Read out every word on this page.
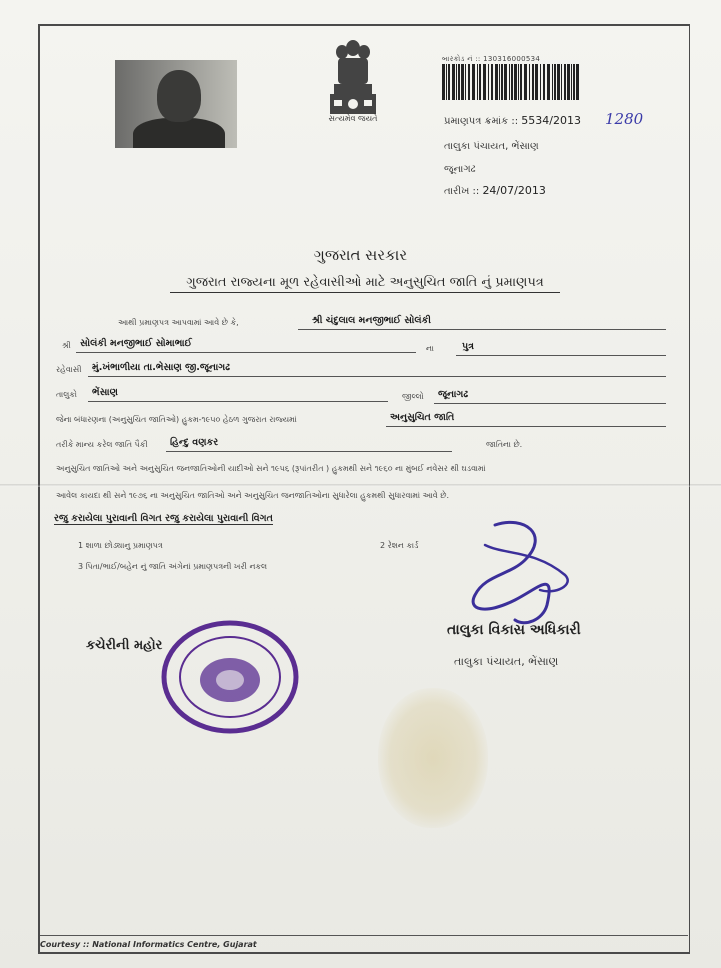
સત્યમેવ જયતે
બારકોડ નં :: 130316000534
પ્રમાણપત્ર ક્રમાંક :: 5534/2013 1280
તાલુકા પંચાયત, ભેંસાણ
જૂનાગઢ
તારીખ :: 24/07/2013
ગુજરાત સરકાર
ગુજરાત રાજ્યના મૂળ રહેવાસીઓ માટે અનુસુચિત જાતિ નું પ્રમાણપત્ર
આથી પ્રમાણપત્ર આપવામાં આવે છે કે,	શ્રી ચંદુલાલ મનજીભાઈ સોલંકી
શ્રી સોલંકી મનજીભાઈ સોમાભાઈ	ના	પુત્ર
રહેવાસી મું.ખંભાળીયા તા.ભેસાણ જી.જૂનાગઢ
તાલુકો ભેંસાણ	જીલ્લો જૂનાગઢ
જેના બંધારણના (અનુસુચિત જાતિઓ) હુકમ-૧૯૫૦ હેઠળ ગુજરાત રાજ્યમાં	અનુસુચિત જાતિ
તરીકે માન્ય કરેલ જાતિ પૈકી હિન્દુ વણકર	જાતિના છે.
અનુસુચિત જાતિઓ અને અનુસુચિત જનજાતિઓની યાદીઓ સને ૧૯૫૬ (રૂપાંતરીત ) હુકમથી સને ૧૯૬૦ ના મુંબઈ નવેસર થી ઘડવામાં
આવેલ કાયદા થી સને ૧૯૭૬ ના અનુસુચિત જાતિઓ અને અનુસુચિત જનજાતિઓના સુધારેલા હુકમથી સુધારવામાં આવે છે.
રજુ કરાયેલા પુરાવાની વિગત રજુ કરાયેલા પુરાવાની વિગત
1 શાળા છોડ્યાનુ પ્રમાણપત્ર	2 રેશન કાર્ડ
3 પિતા/ભાઈ/બહેન નું જાતિ અંગેનાં પ્રમાણપત્રની ખરી નકલ
તાલુકા વિકાસ અધિકારી
તાલુકા પંચાયત, ભેંસાણ
કચેરીની મહોર
Courtesy :: National Informatics Centre, Gujarat
